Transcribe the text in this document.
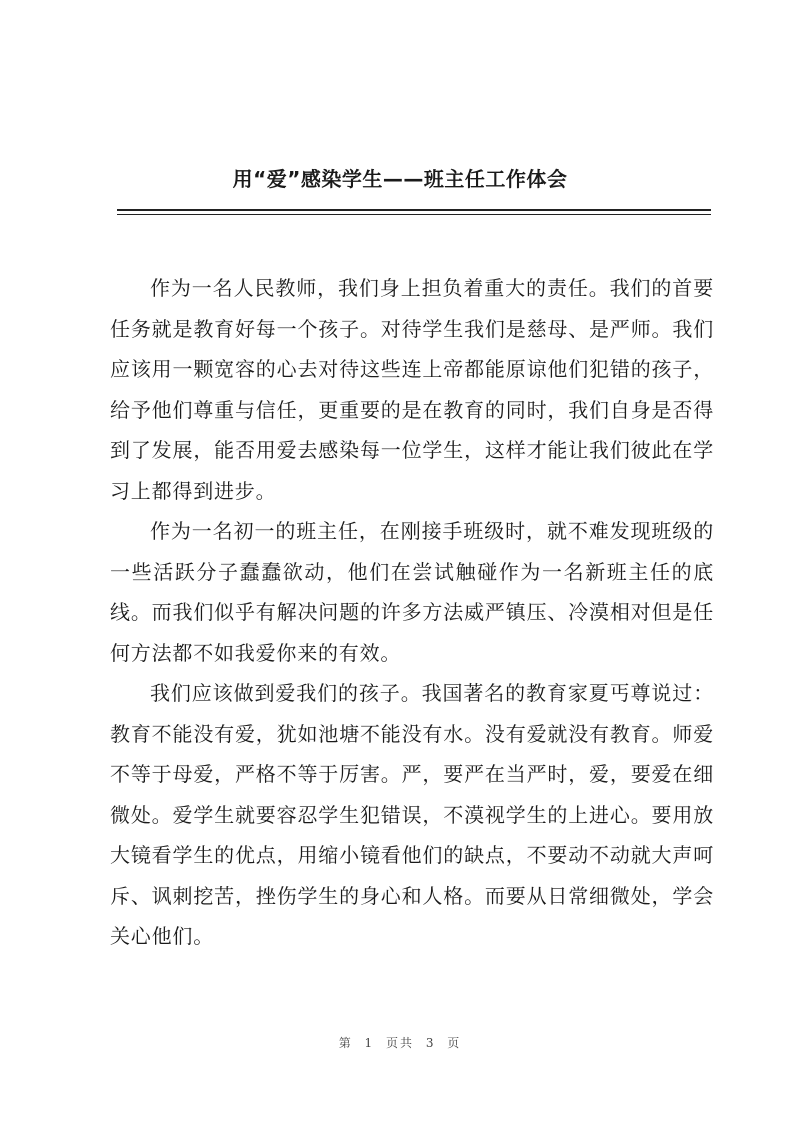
用“爱”感染学生——班主任工作体会

作为一名人民教师，我们身上担负着重大的责任。我们的首要任务就是教育好每一个孩子。对待学生我们是慈母、是严师。我们应该用一颗宽容的心去对待这些连上帝都能原谅他们犯错的孩子，给予他们尊重与信任，更重要的是在教育的同时，我们自身是否得到了发展，能否用爱去感染每一位学生，这样才能让我们彼此在学习上都得到进步。

作为一名初一的班主任，在刚接手班级时，就不难发现班级的一些活跃分子蠢蠢欲动，他们在尝试触碰作为一名新班主任的底线。而我们似乎有解决问题的许多方法威严镇压、冷漠相对但是任何方法都不如我爱你来的有效。

我们应该做到爱我们的孩子。我国著名的教育家夏丐尊说过：教育不能没有爱，犹如池塘不能没有水。没有爱就没有教育。师爱不等于母爱，严格不等于厉害。严，要严在当严时，爱，要爱在细微处。爱学生就要容忍学生犯错误，不漠视学生的上进心。要用放大镜看学生的优点，用缩小镜看他们的缺点，不要动不动就大声呵斥、讽刺挖苦，挫伤学生的身心和人格。而要从日常细微处，学会关心他们。

第 1 页共 3 页
